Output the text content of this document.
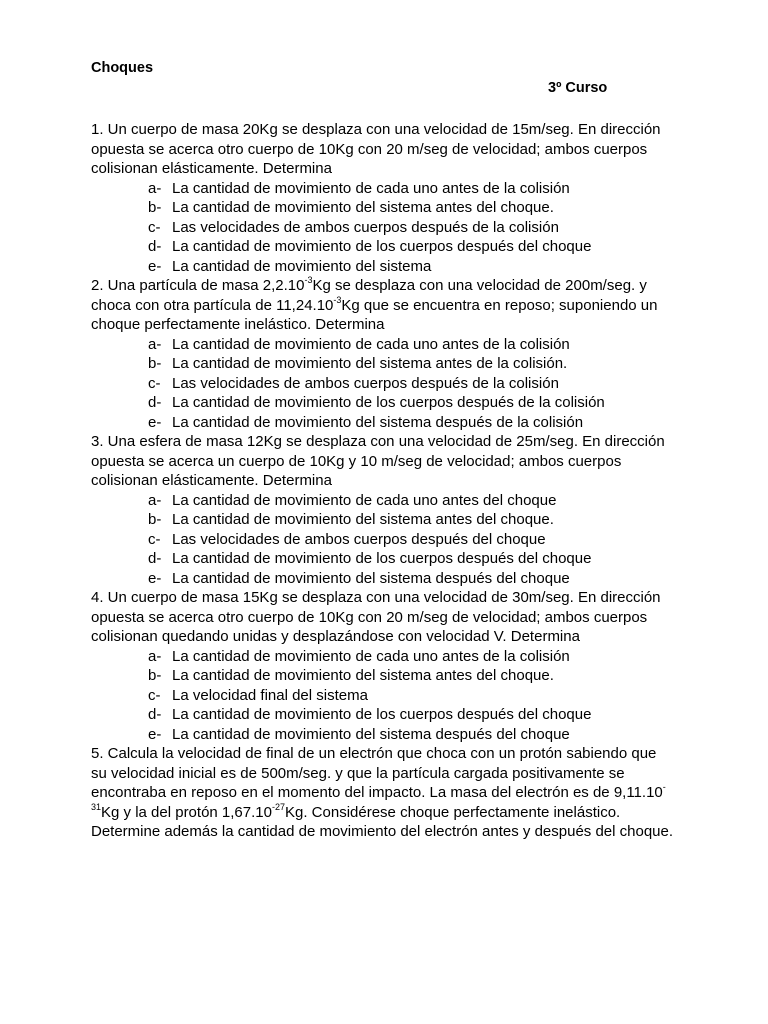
Choques
3º Curso

1. Un cuerpo de masa 20Kg se desplaza con una velocidad de 15m/seg. En dirección opuesta se acerca otro cuerpo de 10Kg con 20 m/seg de velocidad; ambos cuerpos colisionan elásticamente. Determina

a- La cantidad de movimiento de cada uno antes de la colisión
b- La cantidad de movimiento del sistema antes del choque.
c- Las velocidades de ambos cuerpos después de la colisión
d- La cantidad de movimiento de los cuerpos después del choque
e- La cantidad de movimiento del sistema

2. Una partícula de masa $2,2.10^{-3}Kg$ se desplaza con una velocidad de 200m/seg. y choca con otra partícula de $11,24.10^{-3}Kg$ que se encuentra en reposo; suponiendo un choque perfectamente inelástico. Determina

a- La cantidad de movimiento de cada uno antes de la colisión
b- La cantidad de movimiento del sistema antes de la colisión.
c- Las velocidades de ambos cuerpos después de la colisión
d- La cantidad de movimiento de los cuerpos después de la colisión
e- La cantidad de movimiento del sistema después de la colisión

3. Una esfera de masa 12Kg se desplaza con una velocidad de 25m/seg. En dirección opuesta se acerca un cuerpo de 10Kg y 10 m/seg de velocidad; ambos cuerpos colisionan elásticamente. Determina

a- La cantidad de movimiento de cada uno antes del choque
b- La cantidad de movimiento del sistema antes del choque.
c- Las velocidades de ambos cuerpos después del choque
d- La cantidad de movimiento de los cuerpos después del choque
e- La cantidad de movimiento del sistema después del choque

4. Un cuerpo de masa 15Kg se desplaza con una velocidad de 30m/seg. En dirección opuesta se acerca otro cuerpo de 10Kg con 20 m/seg de velocidad; ambos cuerpos colisionan quedando unidas y desplazándose con velocidad V. Determina

a- La cantidad de movimiento de cada uno antes de la colisión
b- La cantidad de movimiento del sistema antes del choque.
c- La velocidad final del sistema
d- La cantidad de movimiento de los cuerpos después del choque
e- La cantidad de movimiento del sistema después del choque

5. Calcula la velocidad de final de un electrón que choca con un protón sabiendo que su velocidad inicial es de 500m/seg. y que la partícula cargada positivamente se encontraba en reposo en el momento del impacto. La masa del electrón es de $9,11.10^{-31}Kg$ y la del protón $1,67.10^{-27}Kg$. Considérese choque perfectamente inelástico. Determine además la cantidad de movimiento del electrón antes y después del choque.
